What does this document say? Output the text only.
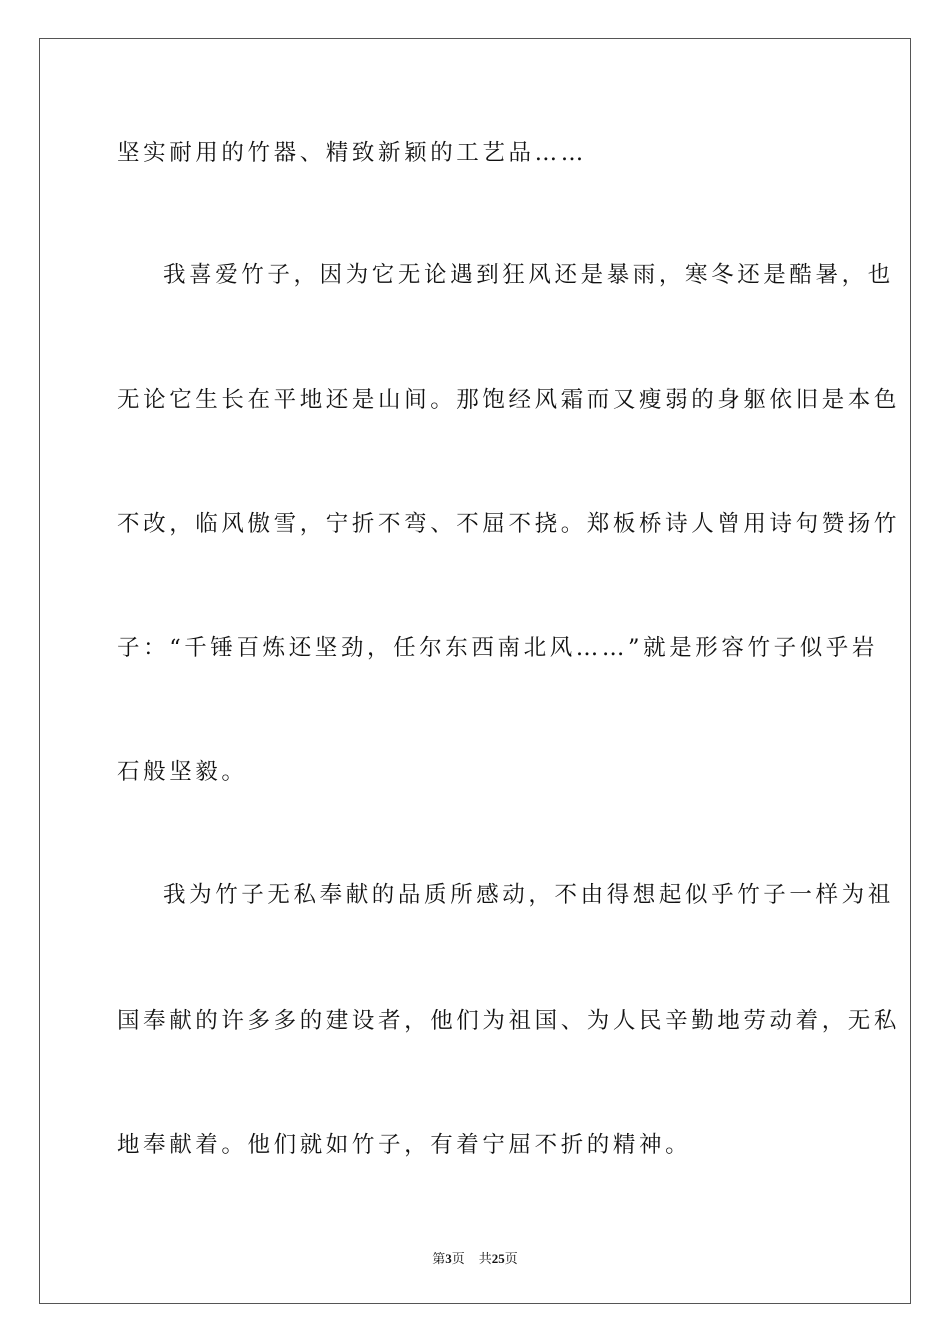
坚实耐用的竹器、精致新颖的工艺品……
我喜爱竹子，因为它无论遇到狂风还是暴雨，寒冬还是酷暑，也
无论它生长在平地还是山间。那饱经风霜而又瘦弱的身躯依旧是本色
不改，临风傲雪，宁折不弯、不屈不挠。郑板桥诗人曾用诗句赞扬竹
子：“千锤百炼还坚劲，任尔东西南北风……”就是形容竹子似乎岩
石般坚毅。
我为竹子无私奉献的品质所感动，不由得想起似乎竹子一样为祖
国奉献的许多多的建设者，他们为祖国、为人民辛勤地劳动着，无私
地奉献着。他们就如竹子，有着宁屈不折的精神。
第3页 共25页
